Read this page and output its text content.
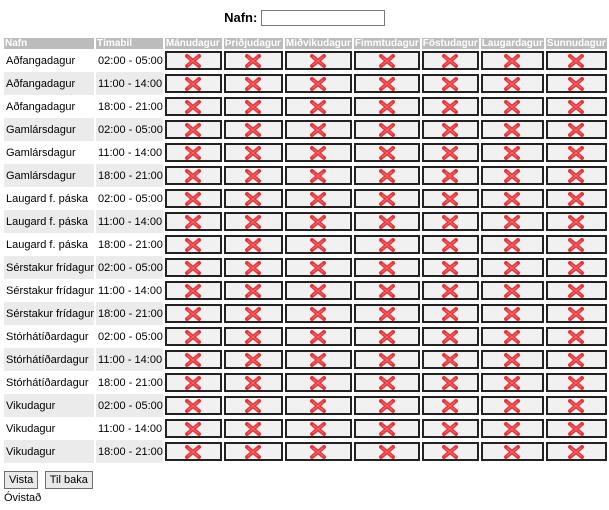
Nafn:
Nafn	Tímabil	Mánudagur	Þriðjudagur	Miðvikudagur	Fimmtudagur	Föstudagur	Laugardagur	Sunnudagur
Aðfangadagur	02:00 - 05:00	

Aðfangadagur	11:00 - 14:00	

Aðfangadagur	18:00 - 21:00	

Gamlársdagur	02:00 - 05:00	

Gamlársdagur	11:00 - 14:00	

Gamlársdagur	18:00 - 21:00	

Laugard f. páska	02:00 - 05:00	

Laugard f. páska	11:00 - 14:00	

Laugard f. páska	18:00 - 21:00	

Sérstakur frídagur	02:00 - 05:00	

Sérstakur frídagur	11:00 - 14:00	

Sérstakur frídagur	18:00 - 21:00	

Stórhátíðardagur	02:00 - 05:00	

Stórhátíðardagur	11:00 - 14:00	

Stórhátíðardagur	18:00 - 21:00	

Vikudagur	02:00 - 05:00	

Vikudagur	11:00 - 14:00	

Vikudagur	18:00 - 21:00	

Vista Til baka
Óvistað
